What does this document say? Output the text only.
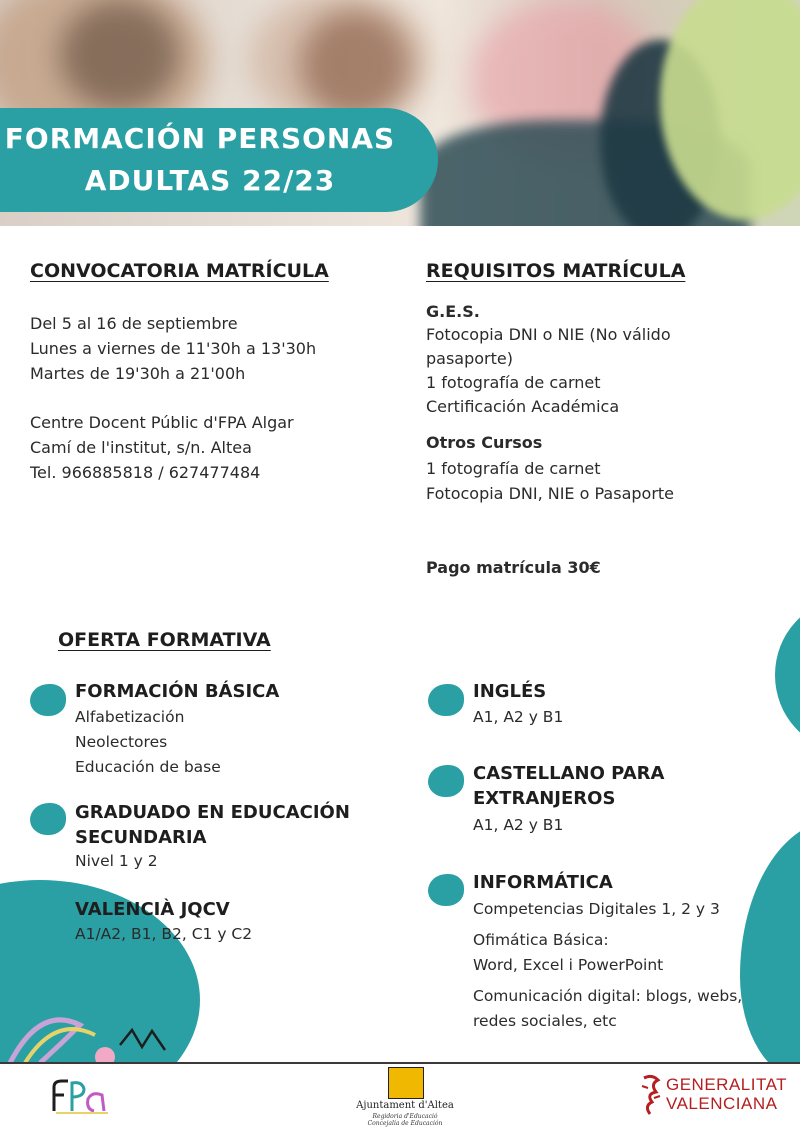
FORMACIÓN PERSONAS
ADULTAS 22/23
CONVOCATORIA MATRÍCULA
Del 5 al 16 de septiembre
Lunes a viernes de 11'30h a 13'30h
Martes de 19'30h a 21'00h
Centre Docent Públic d'FPA Algar
Camí de l'institut, s/n. Altea
Tel. 966885818 / 627477484
REQUISITOS MATRÍCULA
G.E.S.
Fotocopia DNI o NIE (No válido
pasaporte)
1 fotografía de carnet
Certificación Académica
Otros Cursos
1 fotografía de carnet
Fotocopia DNI, NIE o Pasaporte
Pago matrícula 30€
OFERTA FORMATIVA
FORMACIÓN BÁSICA
Alfabetización
Neolectores
Educación de base
GRADUADO EN EDUCACIÓN
SECUNDARIA
Nivel 1 y 2
VALENCIÀ JQCV
A1/A2, B1, B2, C1 y C2
INGLÉS
A1, A2 y B1
CASTELLANO PARA
EXTRANJEROS
A1, A2 y B1
INFORMÁTICA
Competencias Digitales 1, 2 y 3
Ofimática Básica:
Word, Excel i PowerPoint
Comunicación digital: blogs, webs,
redes sociales, etc
Ajuntament d'Altea
Regidoria d'Educació
Concejalía de Educación
GENERALITAT
VALENCIANA
